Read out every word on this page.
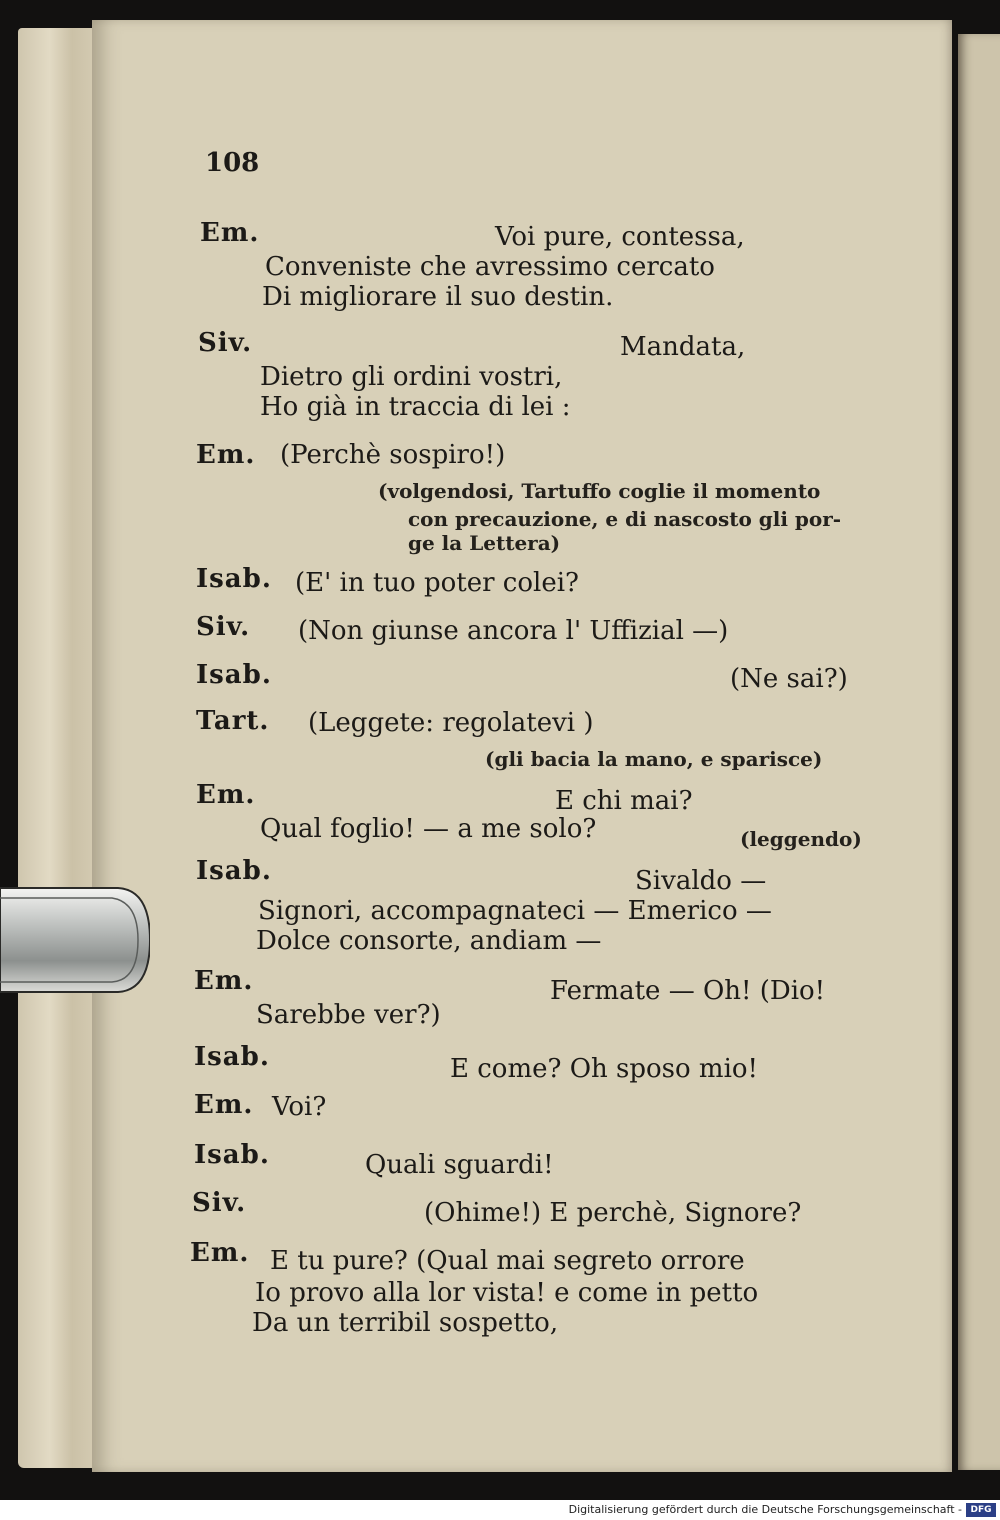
108
Em.	Voi pure, contessa,
Conveniste che avressimo cercato
Di migliorare il suo destin.
Siv.	Mandata,
Dietro gli ordini vostri,
Ho già in traccia di lei :
Em. (Perchè sospiro!)
(volgendosi, Tartuffo coglie il momento
con precauzione, e di nascosto gli por-
ge la Lettera)
Isab. (E' in tuo poter colei?
Siv. (Non giunse ancora l' Uffizial —)
Isab.	(Ne sai?)
Tart. (Leggete: regolatevi )
(gli bacia la mano, e sparisce)
Em.	E chi mai?
Qual foglio! — a me solo?	(leggendo)
Isab.	Sivaldo —
Signori, accompagnateci — Emerico —
Dolce consorte, andiam —
Em.	Fermate — Oh! (Dio!
Sarebbe ver?)
Isab.	E come? Oh sposo mio!
Em. Voi?
Isab.	Quali sguardi!
Siv.	(Ohime!) E perchè, Signore?
Em. E tu pure? (Qual mai segreto orrore
Io provo alla lor vista! e come in petto
Da un terribil sospetto,
Digitalisierung gefördert durch die Deutsche Forschungsgemeinschaft - DFG
